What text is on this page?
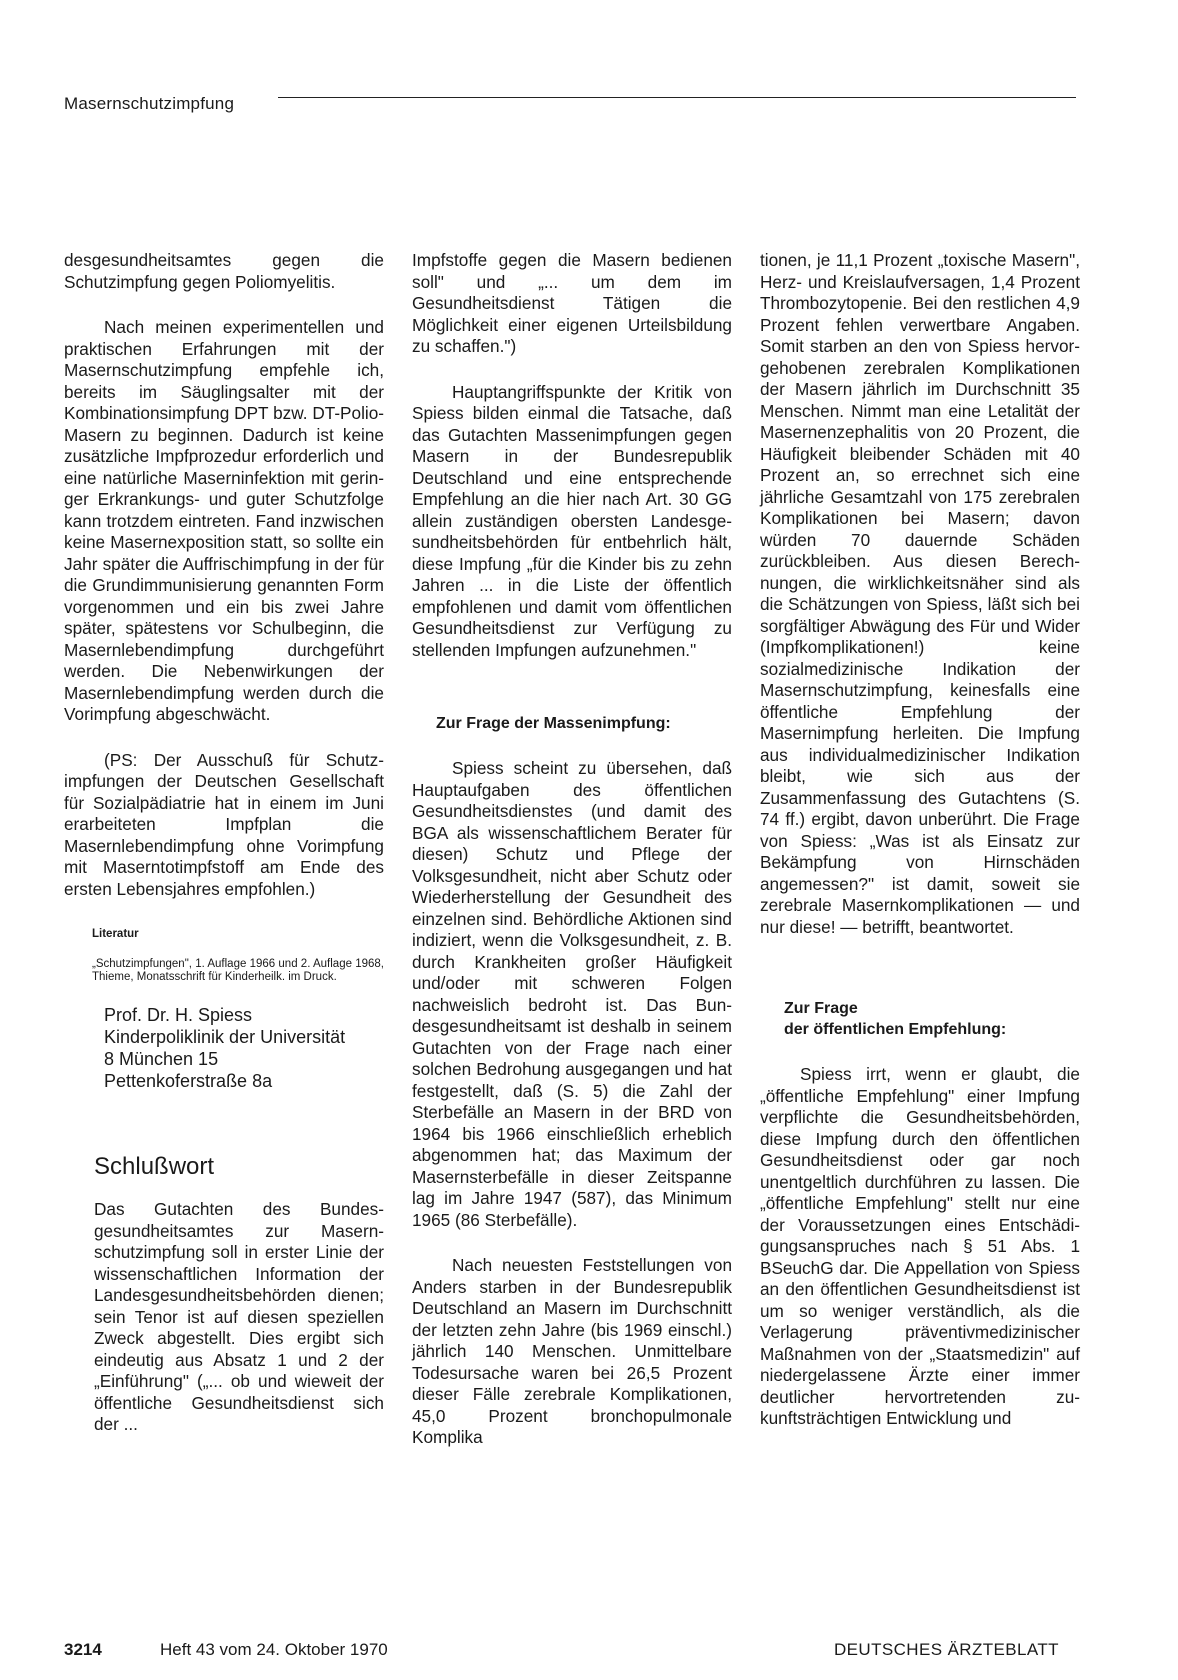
Masernschutzimpfung

desgesundheitsamtes gegen die Schutzimpfung gegen Poliomyelitis.

Nach meinen experimentellen und praktischen Erfahrungen mit der Masernschutzimpfung empfehle ich, bereits im Säuglingsalter mit der Kombinationsimpfung DPT bzw. DT-Polio-Masern zu beginnen. Dadurch ist keine zusätzliche Impfprozedur erforderlich und eine natürliche Maserninfektion mit geringer Erkrankungs- und guter Schutzfolge kann trotzdem eintreten. Fand inzwischen keine Masernexposition statt, so sollte ein Jahr später die Auffrischimpfung in der für die Grundimmunisierung genannten Form vorgenommen und ein bis zwei Jahre später, spätestens vor Schulbeginn, die Masernlebendimpfung durchgeführt werden. Die Nebenwirkungen der Masernlebendimpfung werden durch die Vorimpfung abgeschwächt.

(PS: Der Ausschuß für Schutzimpfungen der Deutschen Gesellschaft für Sozialpädiatrie hat in einem im Juni erarbeiteten Impfplan die Masernlebendimpfung ohne Vorimpfung mit Maserntotimpfstoff am Ende des ersten Lebensjahres empfohlen.)

Literatur

„Schutzimpfungen", 1. Auflage 1966 und 2. Auflage 1968, Thieme, Monatsschrift für Kinderheilk. im Druck.

Prof. Dr. H. Spiess
Kinderpoliklinik der Universität
8 München 15
Pettenkoferstraße 8a
Schlußwort

Das Gutachten des Bundesgesundheitsamtes zur Masernschutzimpfung soll in erster Linie der wissenschaftlichen Information der Landesgesundheitsbehörden dienen; sein Tenor ist auf diesen speziellen Zweck abgestellt. Dies ergibt sich eindeutig aus Absatz 1 und 2 der „Einführung" („... ob und wieweit der öffentliche Gesundheitsdienst sich der ...

Impfstoffe gegen die Masern bedienen soll" und „... um dem im Gesundheitsdienst Tätigen die Möglichkeit einer eigenen Urteilsbildung zu schaffen.")

Hauptangriffspunkte der Kritik von Spiess bilden einmal die Tatsache, daß das Gutachten Massenimpfungen gegen Masern in der Bundesrepublik Deutschland und eine entsprechende Empfehlung an die hier nach Art. 30 GG allein zuständigen obersten Landesgesundheitsbehörden für entbehrlich hält, diese Impfung „für die Kinder bis zu zehn Jahren ... in die Liste der öffentlich empfohlenen und damit vom öffentlichen Gesundheitsdienst zur Verfügung zu stellenden Impfungen aufzunehmen."

Zur Frage der Massenimpfung:

Spiess scheint zu übersehen, daß Hauptaufgaben des öffentlichen Gesundheitsdienstes (und damit des BGA als wissenschaftlichem Berater für diesen) Schutz und Pflege der Volksgesundheit, nicht aber Schutz oder Wiederherstellung der Gesundheit des einzelnen sind. Behördliche Aktionen sind indiziert, wenn die Volksgesundheit, z. B. durch Krankheiten großer Häufigkeit und/oder mit schweren Folgen nachweislich bedroht ist. Das Bundesgesundheitsamt ist deshalb in seinem Gutachten von der Frage nach einer solchen Bedrohung ausgegangen und hat festgestellt, daß (S. 5) die Zahl der Sterbefälle an Masern in der BRD von 1964 bis 1966 einschließlich erheblich abgenommen hat; das Maximum der Masernsterbefälle in dieser Zeitspanne lag im Jahre 1947 (587), das Minimum 1965 (86 Sterbefälle).

Nach neuesten Feststellungen von Anders starben in der Bundesrepublik Deutschland an Masern im Durchschnitt der letzten zehn Jahre (bis 1969 einschl.) jährlich 140 Menschen. Unmittelbare Todesursache waren bei 26,5 Prozent dieser Fälle zerebrale Komplikationen, 45,0 Prozent bronchopulmonale Komplika

tionen, je 11,1 Prozent „toxische Masern", Herz- und Kreislaufversagen, 1,4 Prozent Thrombozytopenie. Bei den restlichen 4,9 Prozent fehlen verwertbare Angaben. Somit starben an den von Spiess hervorgehobenen zerebralen Komplikationen der Masern jährlich im Durchschnitt 35 Menschen. Nimmt man eine Letalität der Masernenzephalitis von 20 Prozent, die Häufigkeit bleibender Schäden mit 40 Prozent an, so errechnet sich eine jährliche Gesamtzahl von 175 zerebralen Komplikationen bei Masern; davon würden 70 dauernde Schäden zurückbleiben. Aus diesen Berechnungen, die wirklichkeitsnäher sind als die Schätzungen von Spiess, läßt sich bei sorgfältiger Abwägung des Für und Wider (Impfkomplikationen!) keine sozialmedizinische Indikation der Masernschutzimpfung, keinesfalls eine öffentliche Empfehlung der Masernimpfung herleiten. Die Impfung aus individualmedizinischer Indikation bleibt, wie sich aus der Zusammenfassung des Gutachtens (S. 74 ff.) ergibt, davon unberührt. Die Frage von Spiess: „Was ist als Einsatz zur Bekämpfung von Hirnschäden angemessen?" ist damit, soweit sie zerebrale Masernkomplikationen — und nur diese! — betrifft, beantwortet.

Zur Frage
der öffentlichen Empfehlung:

Spiess irrt, wenn er glaubt, die „öffentliche Empfehlung" einer Impfung verpflichte die Gesundheitsbehörden, diese Impfung durch den öffentlichen Gesundheitsdienst oder gar noch unentgeltlich durchführen zu lassen. Die „öffentliche Empfehlung" stellt nur eine der Voraussetzungen eines Entschädigungsanspruches nach § 51 Abs. 1 BSeuchG dar. Die Appellation von Spiess an den öffentlichen Gesundheitsdienst ist um so weniger verständlich, als die Verlagerung präventivmedizinischer Maßnahmen von der „Staatsmedizin" auf niedergelassene Ärzte einer immer deutlicher hervortretenden zukunftsträchtigen Entwicklung und

3214	Heft 43 vom 24. Oktober 1970	DEUTSCHES ÄRZTEBLATT
